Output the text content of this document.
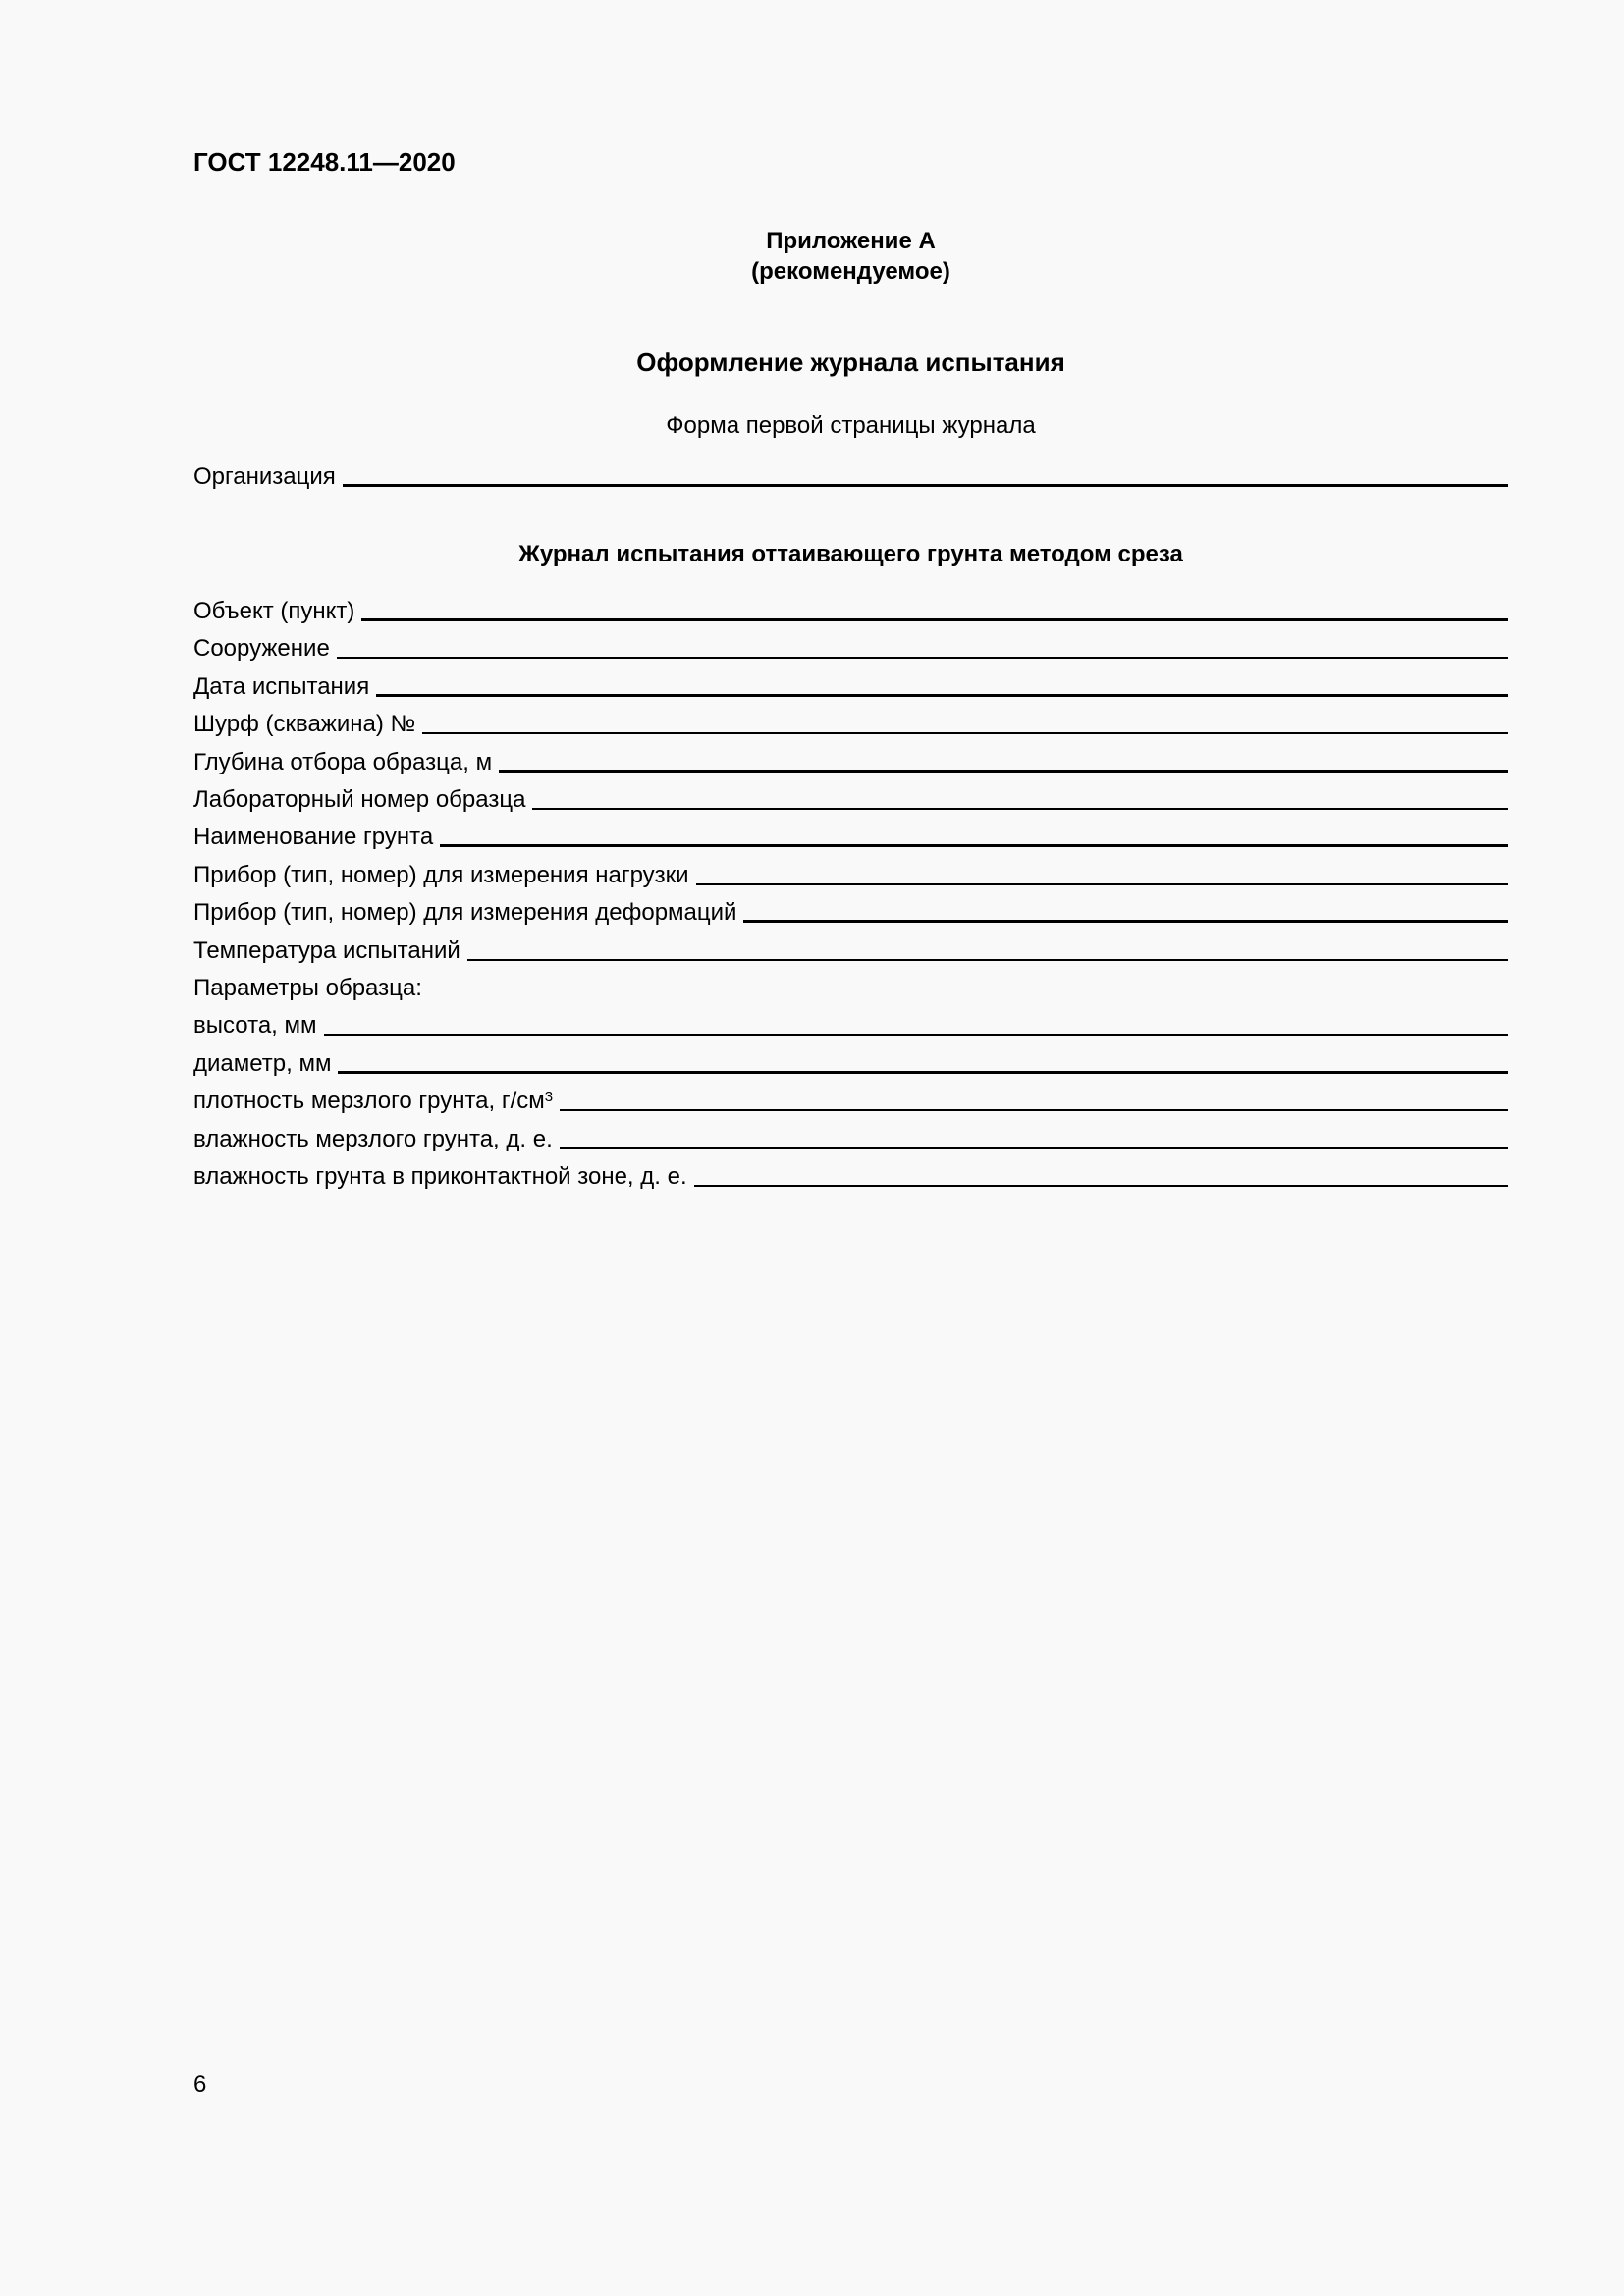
ГОСТ 12248.11—2020
Приложение А
(рекомендуемое)
Оформление журнала испытания
Форма первой страницы журнала
Организация
Журнал испытания оттаивающего грунта методом среза
Объект (пункт)
Сооружение
Дата испытания
Шурф (скважина) №
Глубина отбора образца, м
Лабораторный номер образца
Наименование грунта
Прибор (тип, номер) для измерения нагрузки
Прибор (тип, номер) для измерения деформаций
Температура испытаний
Параметры образца:
высота, мм
диаметр, мм
плотность мерзлого грунта, $г/см^3$
влажность мерзлого грунта, д. е.
влажность грунта в приконтактной зоне, д. е.
6
